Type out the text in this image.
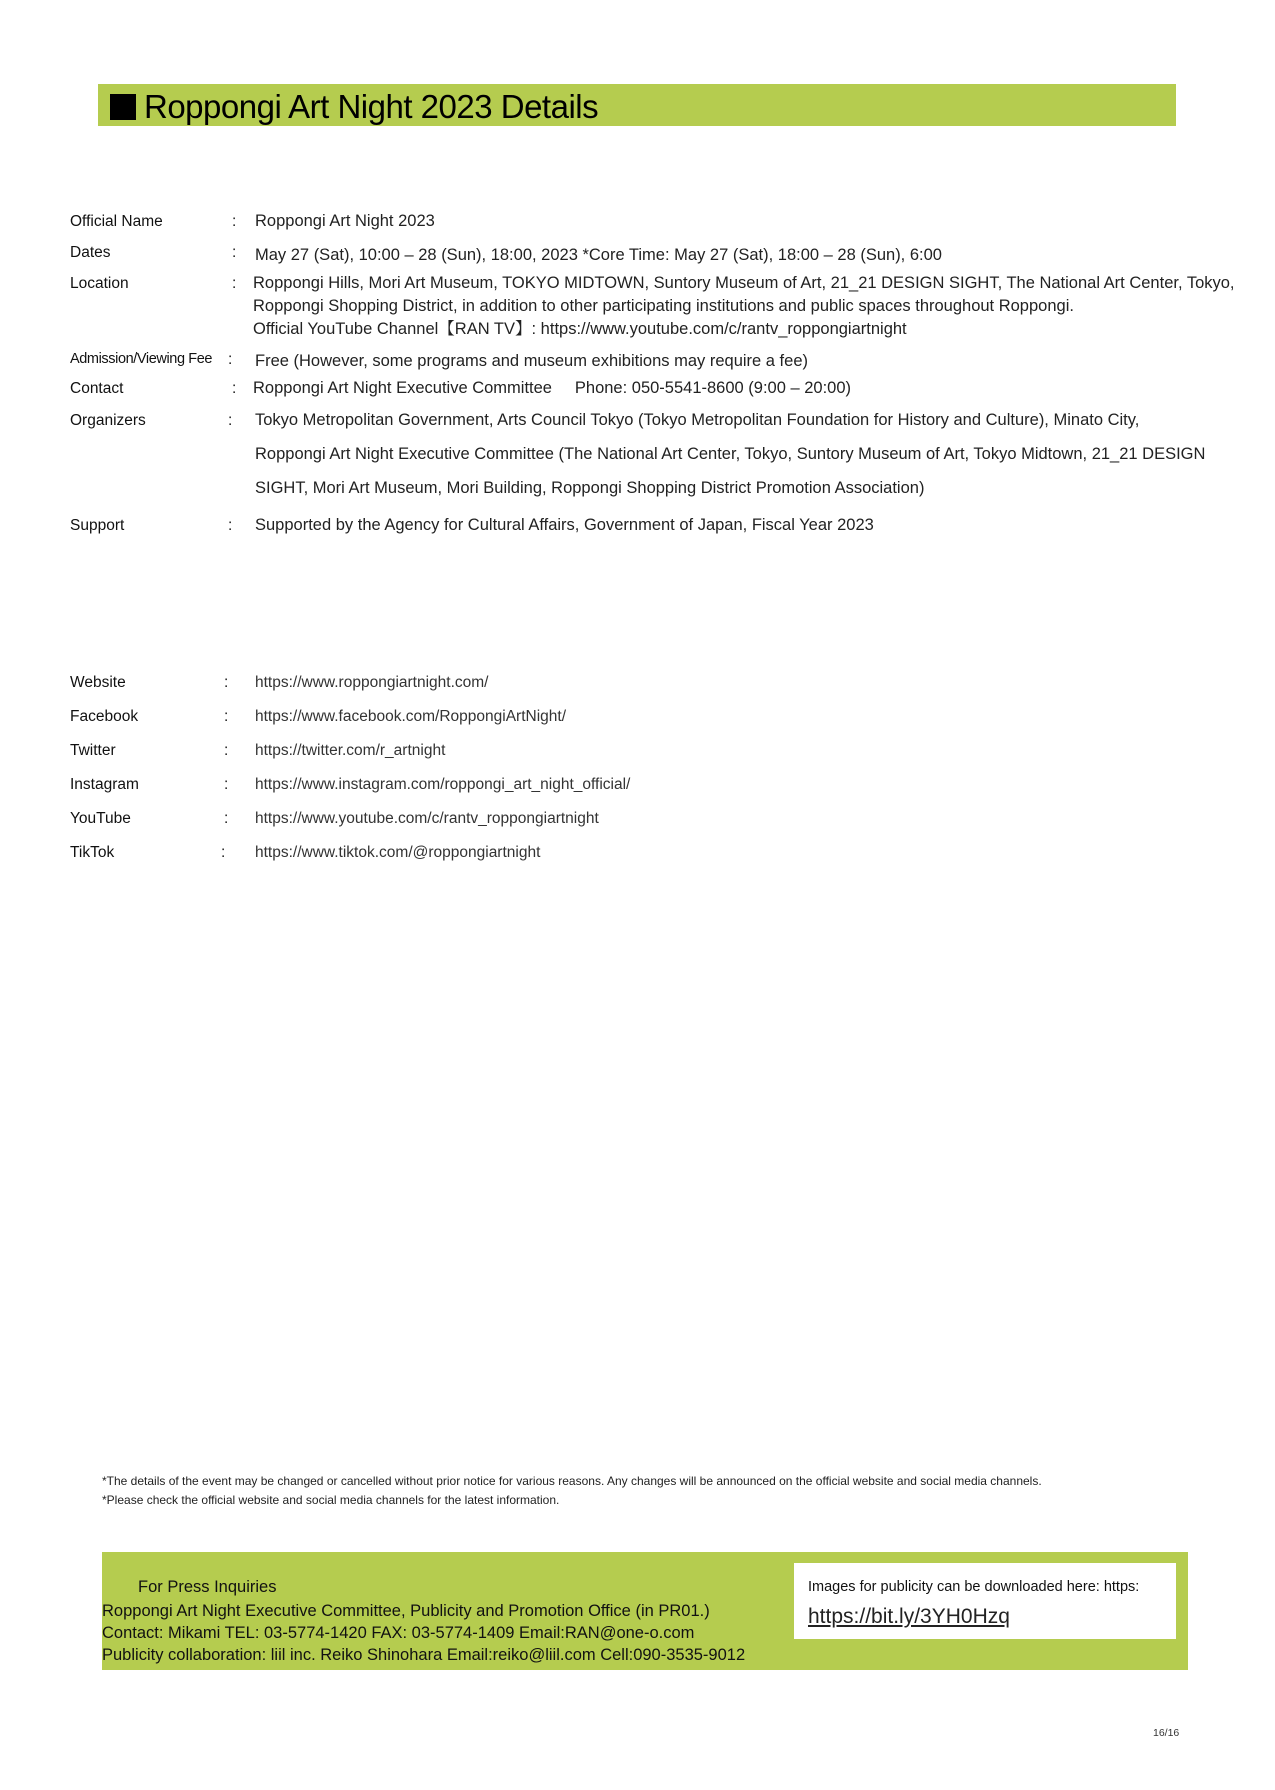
Roppongi Art Night 2023 Details
Official Name	: Roppongi Art Night 2023
Dates	: May 27 (Sat), 10:00 – 28 (Sun), 18:00, 2023 *Core Time: May 27 (Sat), 18:00 – 28 (Sun), 6:00
Location	: Roppongi Hills, Mori Art Museum, TOKYO MIDTOWN, Suntory Museum of Art, 21_21 DESIGN SIGHT, The National Art Center, Tokyo,
Roppongi Shopping District, in addition to other participating institutions and public spaces throughout Roppongi.
Official YouTube Channel【RAN TV】: https://www.youtube.com/c/rantv_roppongiartnight
Admission/Viewing Fee : Free (However, some programs and museum exhibitions may require a fee)
Contact	: Roppongi Art Night Executive Committee     Phone: 050-5541-8600 (9:00 – 20:00)
Organizers	: Tokyo Metropolitan Government, Arts Council Tokyo (Tokyo Metropolitan Foundation for History and Culture), Minato City,
Roppongi Art Night Executive Committee (The National Art Center, Tokyo, Suntory Museum of Art, Tokyo Midtown, 21_21 DESIGN
SIGHT, Mori Art Museum, Mori Building, Roppongi Shopping District Promotion Association)
Support	: Supported by the Agency for Cultural Affairs, Government of Japan, Fiscal Year 2023
Website	: https://www.roppongiartnight.com/
Facebook	: https://www.facebook.com/RoppongiArtNight/
Twitter	: https://twitter.com/r_artnight
Instagram	: https://www.instagram.com/roppongi_art_night_official/
YouTube	: https://www.youtube.com/c/rantv_roppongiartnight
TikTok	: https://www.tiktok.com/@roppongiartnight
*The details of the event may be changed or cancelled without prior notice for various reasons. Any changes will be announced on the official website and social media channels.
*Please check the official website and social media channels for the latest information.
For Press Inquiries
Roppongi Art Night Executive Committee, Publicity and Promotion Office (in PR01.)
Contact: Mikami TEL: 03-5774-1420 FAX: 03-5774-1409 Email:RAN@one-o.com
Publicity collaboration: liil inc. Reiko Shinohara Email:reiko@liil.com Cell:090-3535-9012
Images for publicity can be downloaded here: https:
https://bit.ly/3YH0Hzq
16/16
